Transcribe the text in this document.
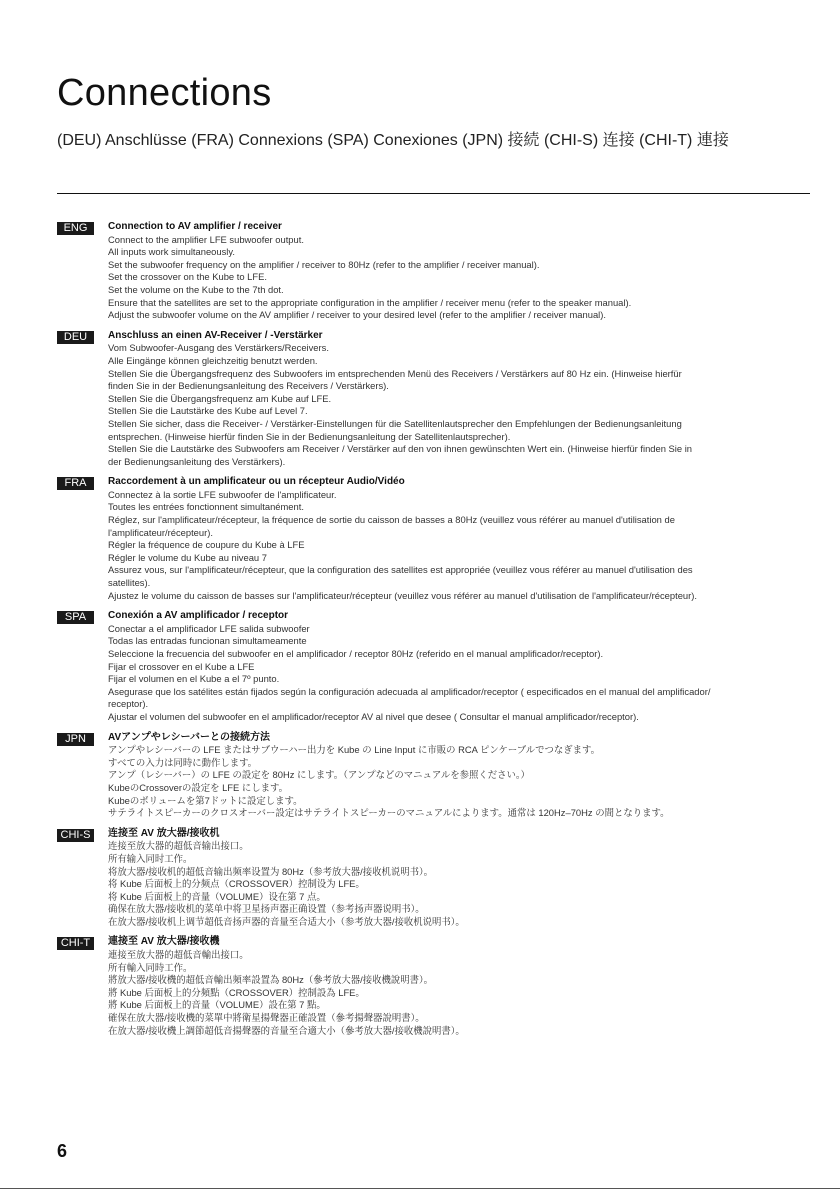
Connections
(DEU) Anschlüsse (FRA) Connexions (SPA) Conexiones (JPN) 接続 (CHI-S) 连接 (CHI-T) 連接
ENG	Connection to AV amplifier / receiver
Connect to the amplifier LFE subwoofer output.
All inputs work simultaneously.
Set the subwoofer frequency on the amplifier / receiver to 80Hz (refer to the amplifier / receiver manual).
Set the crossover on the Kube to LFE.
Set the volume on the Kube to the 7th dot.
Ensure that the satellites are set to the appropriate configuration in the amplifier / receiver menu (refer to the speaker manual).
Adjust the subwoofer volume on the AV amplifier / receiver to your desired level (refer to the amplifier / receiver manual).
DEU	Anschluss an einen AV-Receiver / -Verstärker
Vom Subwoofer-Ausgang des Verstärkers/Receivers.
Alle Eingänge können gleichzeitig benutzt werden.
Stellen Sie die Übergangsfrequenz des Subwoofers im entsprechenden Menü des Receivers / Verstärkers auf 80 Hz ein. (Hinweise hierfür
finden Sie in der Bedienungsanleitung des Receivers / Verstärkers).
Stellen Sie die Übergangsfrequenz am Kube auf LFE.
Stellen Sie die Lautstärke des Kube auf Level 7.
Stellen Sie sicher, dass die Receiver- / Verstärker-Einstellungen für die Satellitenlautsprecher den Empfehlungen der Bedienungsanleitung
entsprechen. (Hinweise hierfür finden Sie in der Bedienungsanleitung der Satellitenlautsprecher).
Stellen Sie die Lautstärke des Subwoofers am Receiver / Verstärker auf den von ihnen gewünschten Wert ein. (Hinweise hierfür finden Sie in
der Bedienungsanleitung des Verstärkers).
FRA	Raccordement à un amplificateur ou un récepteur Audio/Vidéo
Connectez à la sortie LFE subwoofer de l'amplificateur.
Toutes les entrées fonctionnent simultanément.
Réglez, sur l'amplificateur/récepteur, la fréquence de sortie du caisson de basses a 80Hz (veuillez vous référer au manuel d'utilisation de
l'amplificateur/récepteur).
Régler la fréquence de coupure du Kube à LFE
Régler le volume du Kube au niveau 7
Assurez vous, sur l'amplificateur/récepteur, que la configuration des satellites est appropriée (veuillez vous référer au manuel d'utilisation des
satellites).
Ajustez le volume du caisson de basses sur l'amplificateur/récepteur (veuillez vous référer au manuel d'utilisation de l'amplificateur/récepteur).
SPA	Conexión a AV amplificador / receptor
Conectar a el amplificador LFE salida subwoofer
Todas las entradas funcionan simultameamente
Seleccione la frecuencia del subwoofer en el amplificador / receptor 80Hz (referido en el manual amplificador/receptor).
Fijar el crossover en el Kube a LFE
Fijar el volumen en el Kube a el 7º punto.
Asegurase que los satélites están fijados según la configuración adecuada al amplificador/receptor ( especificados en el manual del amplificador/
receptor).
Ajustar el volumen del subwoofer en el amplificador/receptor AV al nivel que desee ( Consultar el manual amplificador/receptor).
JPN	AVアンプやレシーバーとの接続方法
アンプやレシーバーの LFE またはサブウーハー出力を Kube の Line Input に市販の RCA ピンケーブルでつなぎます。
すべての入力は同時に動作します。
アンプ（レシーバー）の LFE の設定を 80Hz にします。（アンプなどのマニュアルを参照ください。）
KubeのCrossoverの設定を LFE にします。
Kubeのボリュームを第7ドットに設定します。
サテライトスピーカーのクロスオーバー設定はサテライトスピーカーのマニュアルによります。通常は 120Hz–70Hz の間となります。
CHI-S	连接至 AV 放大器/接收机
连接至放大器的超低音输出接口。
所有输入同时工作。
将放大器/接收机的超低音输出频率设置为 80Hz（参考放大器/接收机说明书）。
将 Kube 后面板上的分频点（CROSSOVER）控制设为 LFE。
将 Kube 后面板上的音量（VOLUME）设在第 7 点。
确保在放大器/接收机的菜单中将卫星扬声器正确设置（参考扬声器说明书）。
在放大器/接收机上调节超低音扬声器的音量至合适大小（参考放大器/接收机说明书）。
CHI-T	連接至 AV 放大器/接收機
連接至放大器的超低音輸出接口。
所有輸入同時工作。
將放大器/接收機的超低音輸出頻率設置為 80Hz（參考放大器/接收機說明書）。
將 Kube 后面板上的分頻點（CROSSOVER）控制設為 LFE。
將 Kube 后面板上的音量（VOLUME）設在第 7 點。
確保在放大器/接收機的菜單中將衛星揚聲器正確設置（參考揚聲器說明書）。
在放大器/接收機上調節超低音揚聲器的音量至合適大小（參考放大器/接收機說明書）。
6
